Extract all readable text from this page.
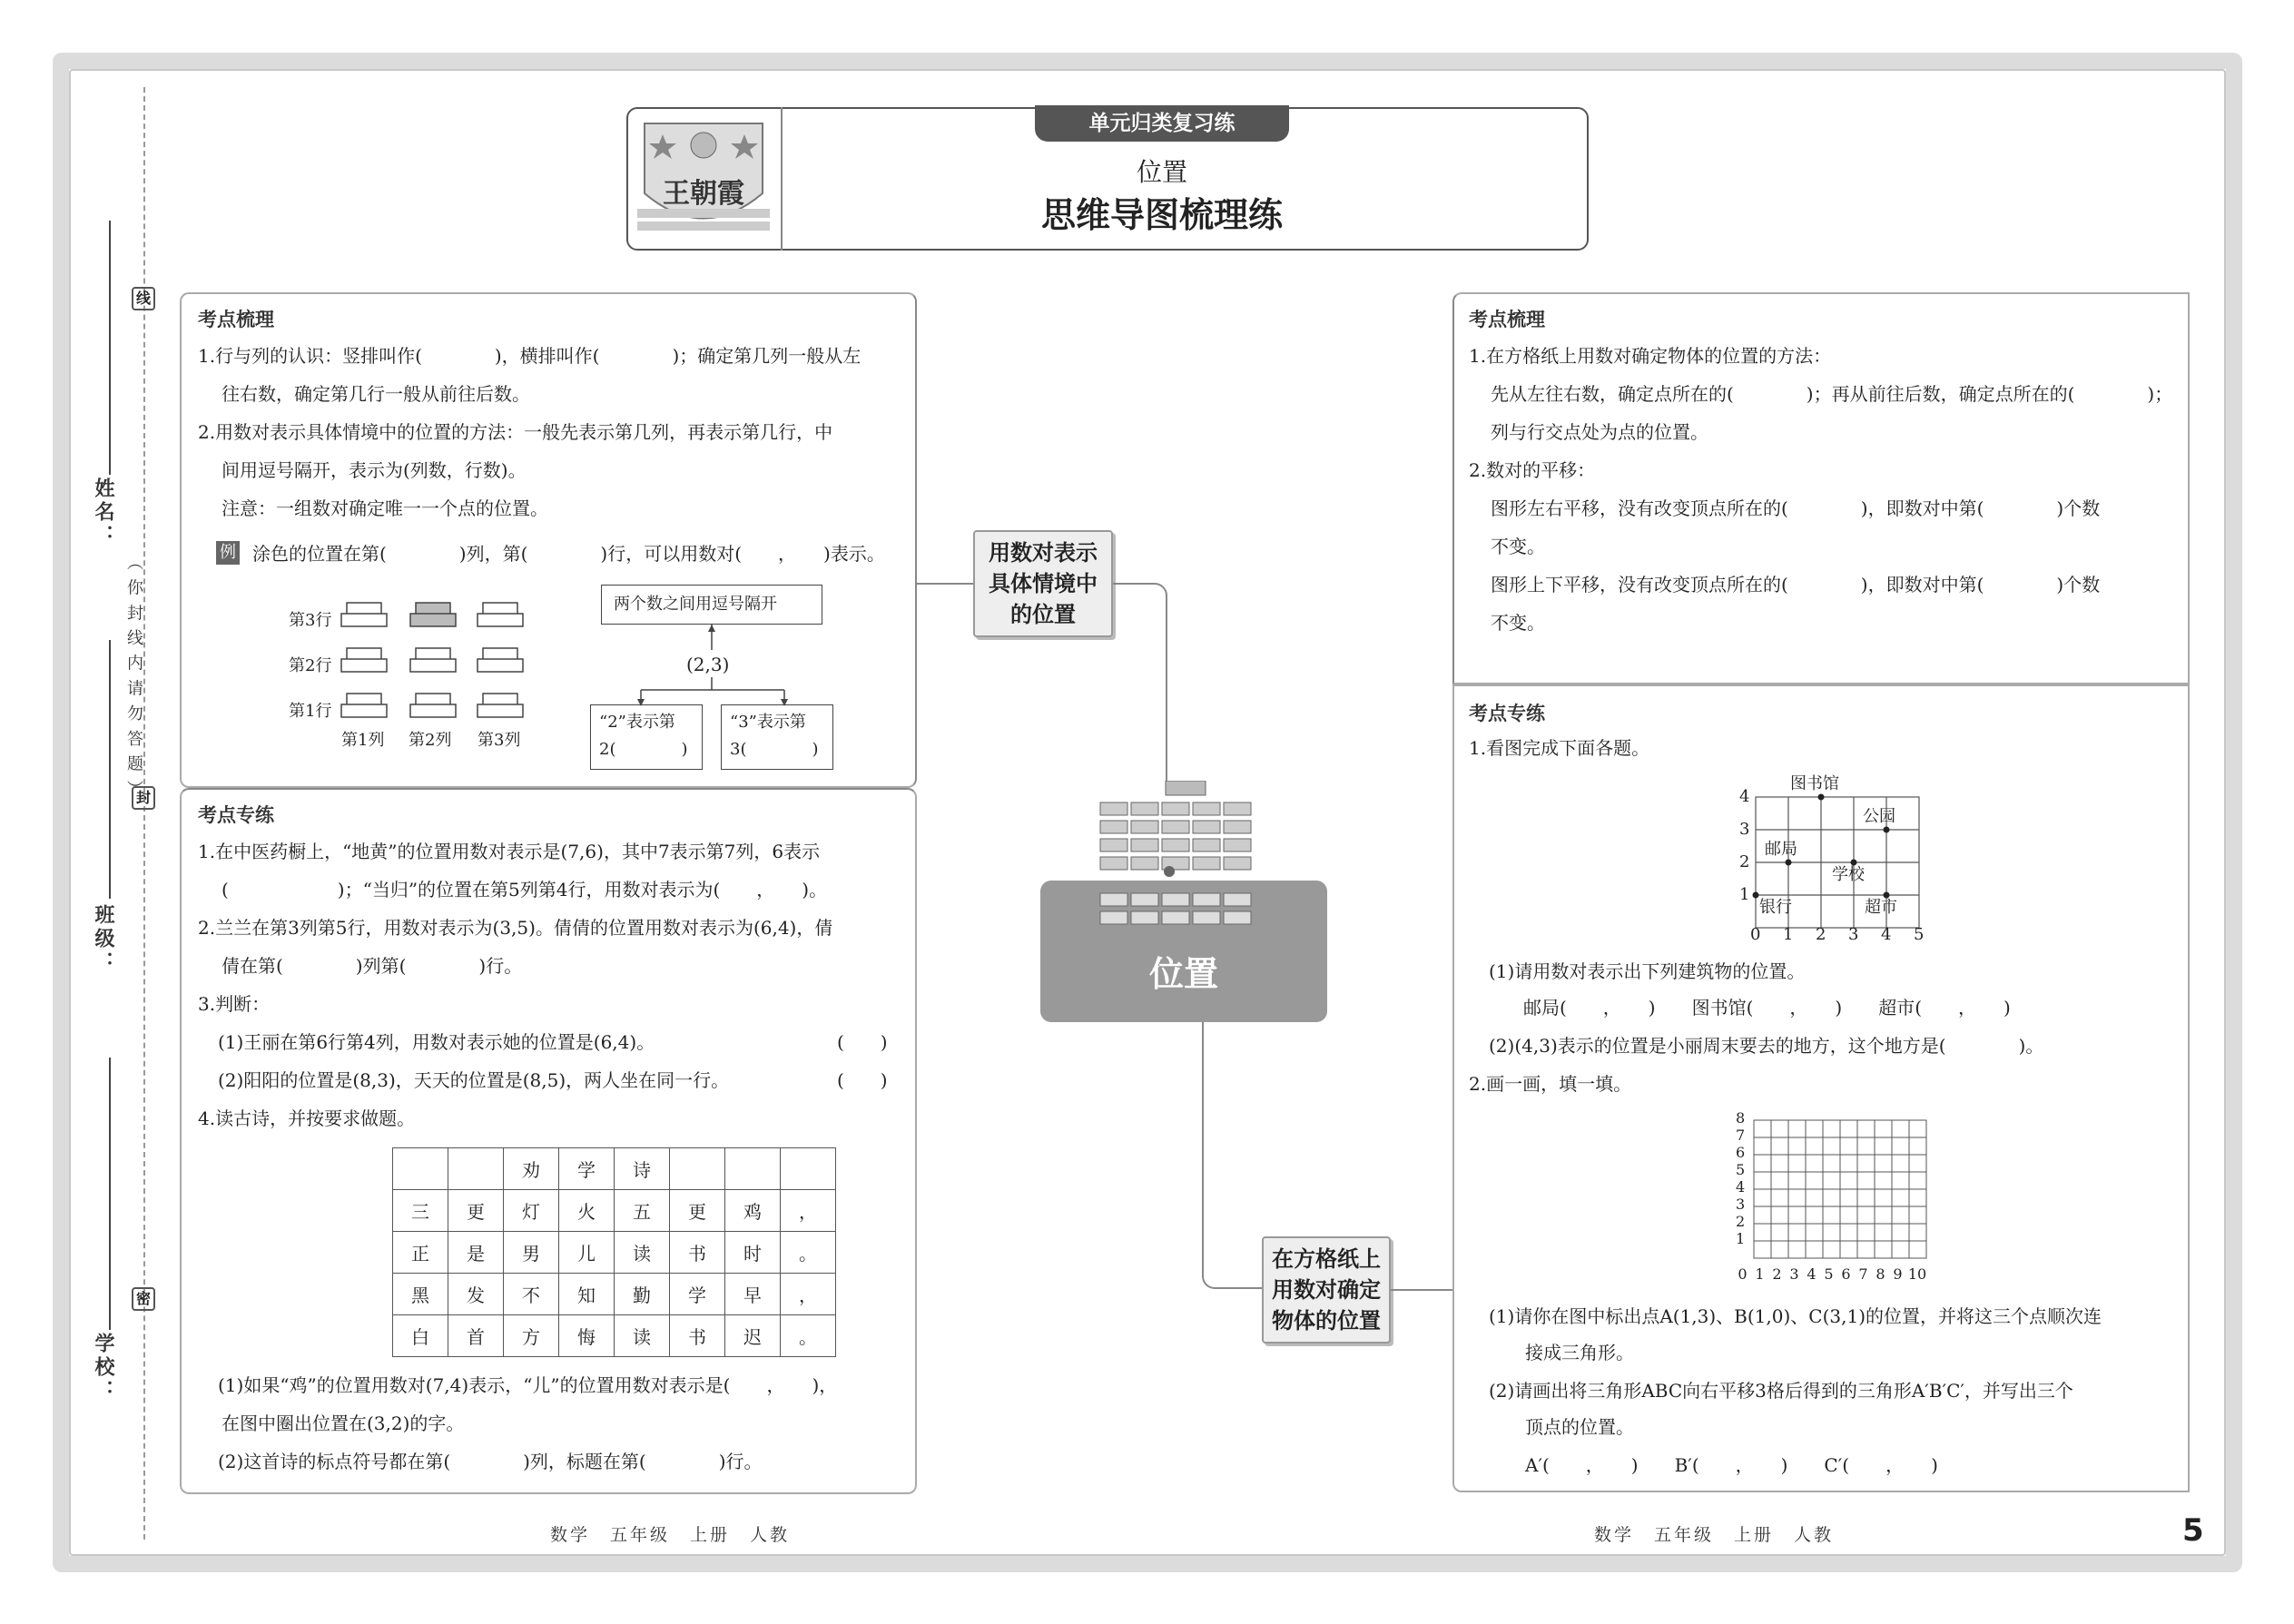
线
封
密
（ 你 封 线 内 请 勿 答 题 ）
姓名：
班级：
学校：
王朝霞
单元归类复习练
位置
思维导图梳理练
考点梳理
1.行与列的认识：竖排叫作(　　　　)，横排叫作(　　　　)；确定第几列一般从左
往右数，确定第几行一般从前往后数。
2.用数对表示具体情境中的位置的方法：一般先表示第几列，再表示第几行，中
间用逗号隔开，表示为(列数，行数)。
注意：一组数对确定唯一一个点的位置。
例 涂色的位置在第(　　　　)列，第(　　　　)行，可以用数对(　　，　　)表示。
第3行
第2行
第1行
第1列 第2列 第3列
两个数之间用逗号隔开
(2,3)
“2”表示第
2(　　　　)
“3”表示第
3(　　　　)
考点专练
1.在中医药橱上，“地黄”的位置用数对表示是(7,6)，其中7表示第7列，6表示
(　　　　　　)；“当归”的位置在第5列第4行，用数对表示为(　　，　　)。
2.兰兰在第3列第5行，用数对表示为(3,5)。倩倩的位置用数对表示为(6,4)，倩
倩在第(　　　　)列第(　　　　)行。
3.判断：
(1)王丽在第6行第4列，用数对表示她的位置是(6,4)。	(　　)
(2)阳阳的位置是(8,3)，天天的位置是(8,5)，两人坐在同一行。	(　　)
4.读古诗，并按要求做题。
		劝	学	诗			
三	更	灯	火	五	更	鸡	，
正	是	男	儿	读	书	时	。
黑	发	不	知	勤	学	早	，
白	首	方	悔	读	书	迟	。
(1)如果“鸡”的位置用数对(7,4)表示，“儿”的位置用数对表示是(　　，　　)，
在图中圈出位置在(3,2)的字。
(2)这首诗的标点符号都在第(　　　　)列，标题在第(　　　　)行。
用数对表示具体情境中的位置
位置
在方格纸上用数对确定物体的位置
考点梳理
1.在方格纸上用数对确定物体的位置的方法：
先从左往右数，确定点所在的(　　　　)；再从前往后数，确定点所在的(　　　　)；
列与行交点处为点的位置。
2.数对的平移：
图形左右平移，没有改变顶点所在的(　　　　)，即数对中第(　　　　)个数
不变。
图形上下平移，没有改变顶点所在的(　　　　)，即数对中第(　　　　)个数
不变。
考点专练
1.看图完成下面各题。
图书馆
公园
邮局
学校
银行	超市
4
3
2
1
0 1 2 3 4 5
(1)请用数对表示出下列建筑物的位置。
邮局(　　，　　)　　图书馆(　　，　　)　　超市(　　，　　)
(2)(4,3)表示的位置是小丽周末要去的地方，这个地方是(　　　　)。
2.画一画，填一填。
8
7
6
5
4
3
2
1
0 1 2 3 4 5 6 7 8 9 10
(1)请你在图中标出点A(1,3)、B(1,0)、C(3,1)的位置，并将这三个点顺次连
接成三角形。
(2)请画出将三角形ABC向右平移3格后得到的三角形A′B′C′，并写出三个
顶点的位置。
A′(　　，　　)　　B′(　　，　　)　　C′(　　，　　)
数学　五年级　上册　人教	数学　五年级　上册　人教	5
